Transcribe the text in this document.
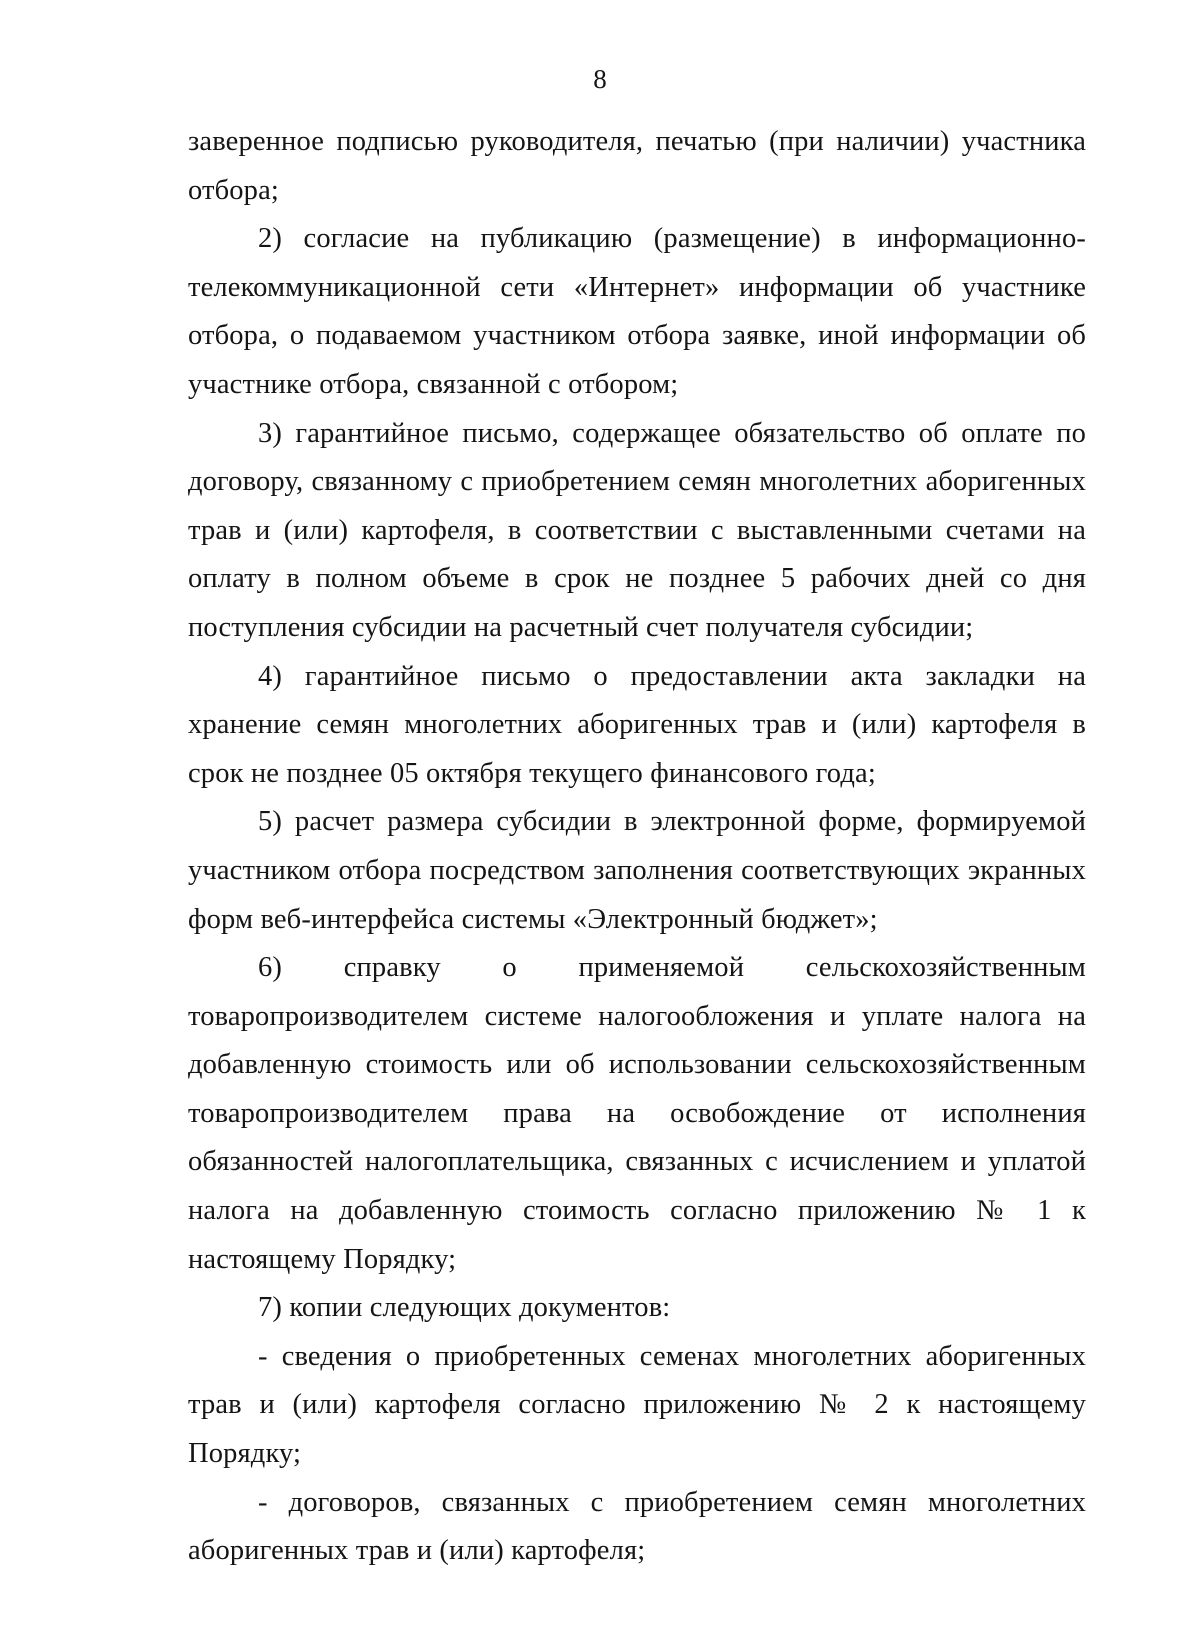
8

заверенное подписью руководителя, печатью (при наличии) участника отбора;

2) согласие на публикацию (размещение) в информационно-телекоммуникационной сети «Интернет» информации об участнике отбора, о подаваемом участником отбора заявке, иной информации об участнике отбора, связанной с отбором;

3) гарантийное письмо, содержащее обязательство об оплате по договору, связанному с приобретением семян многолетних аборигенных трав и (или) картофеля, в соответствии с выставленными счетами на оплату в полном объеме в срок не позднее 5 рабочих дней со дня поступления субсидии на расчетный счет получателя субсидии;

4) гарантийное письмо о предоставлении акта закладки на хранение семян многолетних аборигенных трав и (или) картофеля в срок не позднее 05 октября текущего финансового года;

5) расчет размера субсидии в электронной форме, формируемой участником отбора посредством заполнения соответствующих экранных форм веб-интерфейса системы «Электронный бюджет»;

6) справку о применяемой сельскохозяйственным товаропроизводителем системе налогообложения и уплате налога на добавленную стоимость или об использовании сельскохозяйственным товаропроизводителем права на освобождение от исполнения обязанностей налогоплательщика, связанных с исчислением и уплатой налога на добавленную стоимость согласно приложению № 1 к настоящему Порядку;

7) копии следующих документов:

- сведения о приобретенных семенах многолетних аборигенных трав и (или) картофеля согласно приложению № 2 к настоящему Порядку;

- договоров, связанных с приобретением семян многолетних аборигенных трав и (или) картофеля;
